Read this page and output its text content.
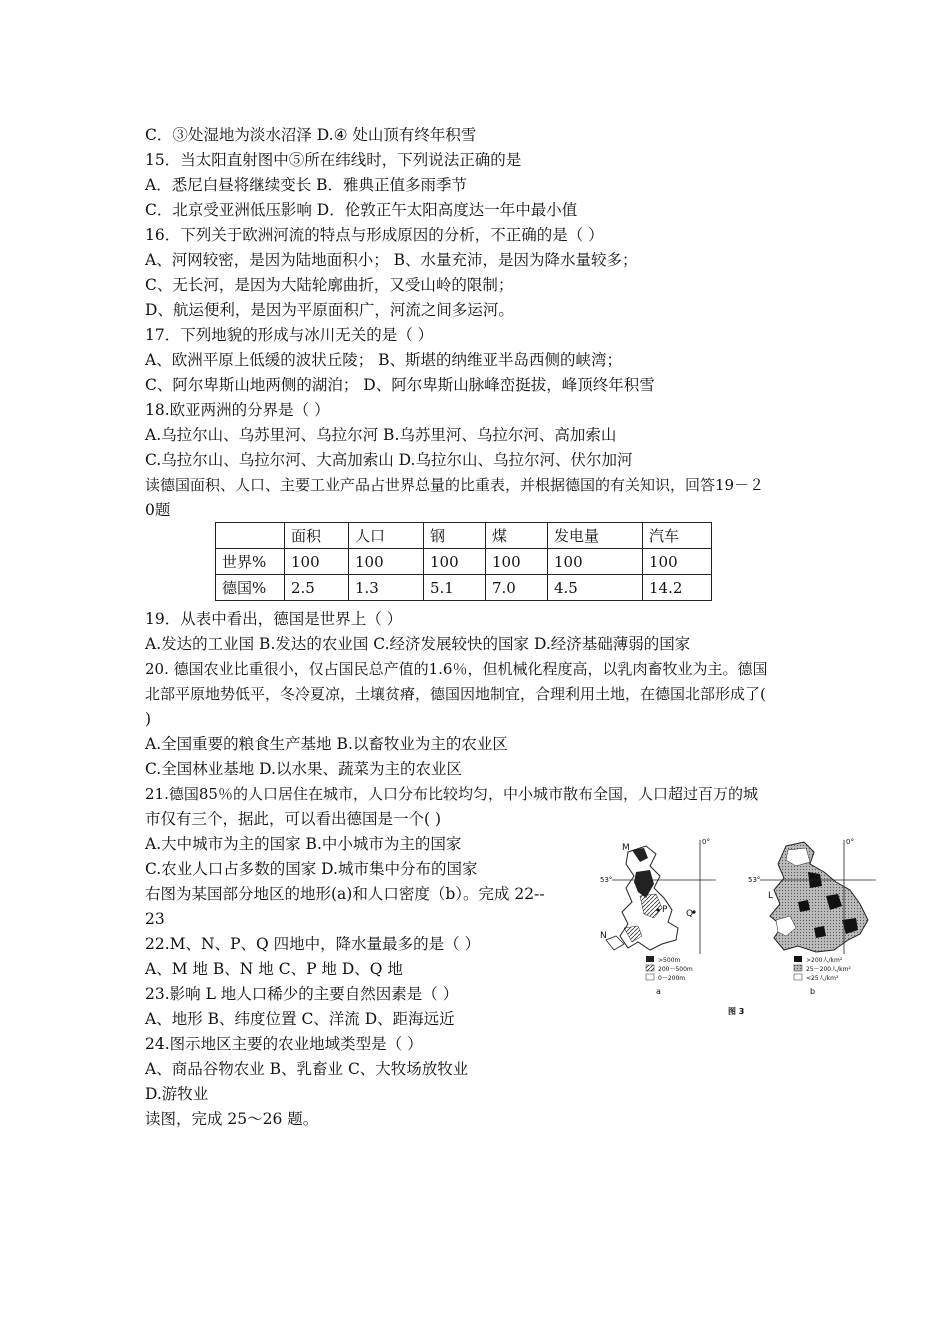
C．③处湿地为淡水沼泽 D.④ 处山顶有终年积雪
15．当太阳直射图中⑤所在纬线时，下列说法正确的是
A．悉尼白昼将继续变长 B．雅典正值多雨季节
C．北京受亚洲低压影响 D．伦敦正午太阳高度达一年中最小值
16．下列关于欧洲河流的特点与形成原因的分析，不正确的是（ ）
A、河网较密，是因为陆地面积小； B、水量充沛，是因为降水量较多；
C、无长河，是因为大陆轮廓曲折，又受山岭的限制；
D、航运便利，是因为平原面积广，河流之间多运河。
17．下列地貌的形成与冰川无关的是（ ）
A、欧洲平原上低缓的波状丘陵； B、斯堪的纳维亚半岛西侧的峡湾；
C、阿尔卑斯山地两侧的湖泊； D、阿尔卑斯山脉峰峦挺拔，峰顶终年积雪
18.欧亚两洲的分界是（ ）
A.乌拉尔山、乌苏里河、乌拉尔河 B.乌苏里河、乌拉尔河、高加索山
C.乌拉尔山、乌拉尔河、大高加索山 D.乌拉尔山、乌拉尔河、伏尔加河
读德国面积、人口、主要工业产品占世界总量的比重表，并根据德国的有关知识，回答19－２
0题
	面积	人口	钢	煤	发电量	汽车
世界%	100	100	100	100	100	100
德国%	2.5	1.3	5.1	7.0	4.5	14.2
19．从表中看出，德国是世界上（ ）
A.发达的工业国 B.发达的农业国 C.经济发展较快的国家 D.经济基础薄弱的国家
20. 德国农业比重很小，仅占国民总产值的1.6％，但机械化程度高，以乳肉畜牧业为主。德国
北部平原地势低平，冬冷夏凉，土壤贫瘠，德国因地制宜，合理利用土地，在德国北部形成了(
)
A.全国重要的粮食生产基地 B.以畜牧业为主的农业区
C.全国林业基地 D.以水果、蔬菜为主的农业区
21.德国85％的人口居住在城市，人口分布比较均匀，中小城市散布全国，人口超过百万的城
市仅有三个，据此，可以看出德国是一个( )
A.大中城市为主的国家 B.中小城市为主的国家
C.农业人口占多数的国家 D.城市集中分布的国家
右图为某国部分地区的地形(a)和人口密度（b）。完成 22--
23
22.M、N、P、Q 四地中，降水量最多的是（ ）
A、M 地 B、N 地 C、P 地 D、Q 地
23.影响 L 地人口稀少的主要自然因素是（ ）
A、地形 B、纬度位置 C、洋流 D、距海远近
24.图示地区主要的农业地域类型是（ ）
A、商品谷物农业 B、乳畜业 C、大牧场放牧业
D.游牧业
读图，完成 25～26 题。
M
N
P Q
53°
0°
>500m
200～500m
0～200m
a
L
53°
0°
>200人/km²
25～200人/km²
<25人/km²
b
图 3
